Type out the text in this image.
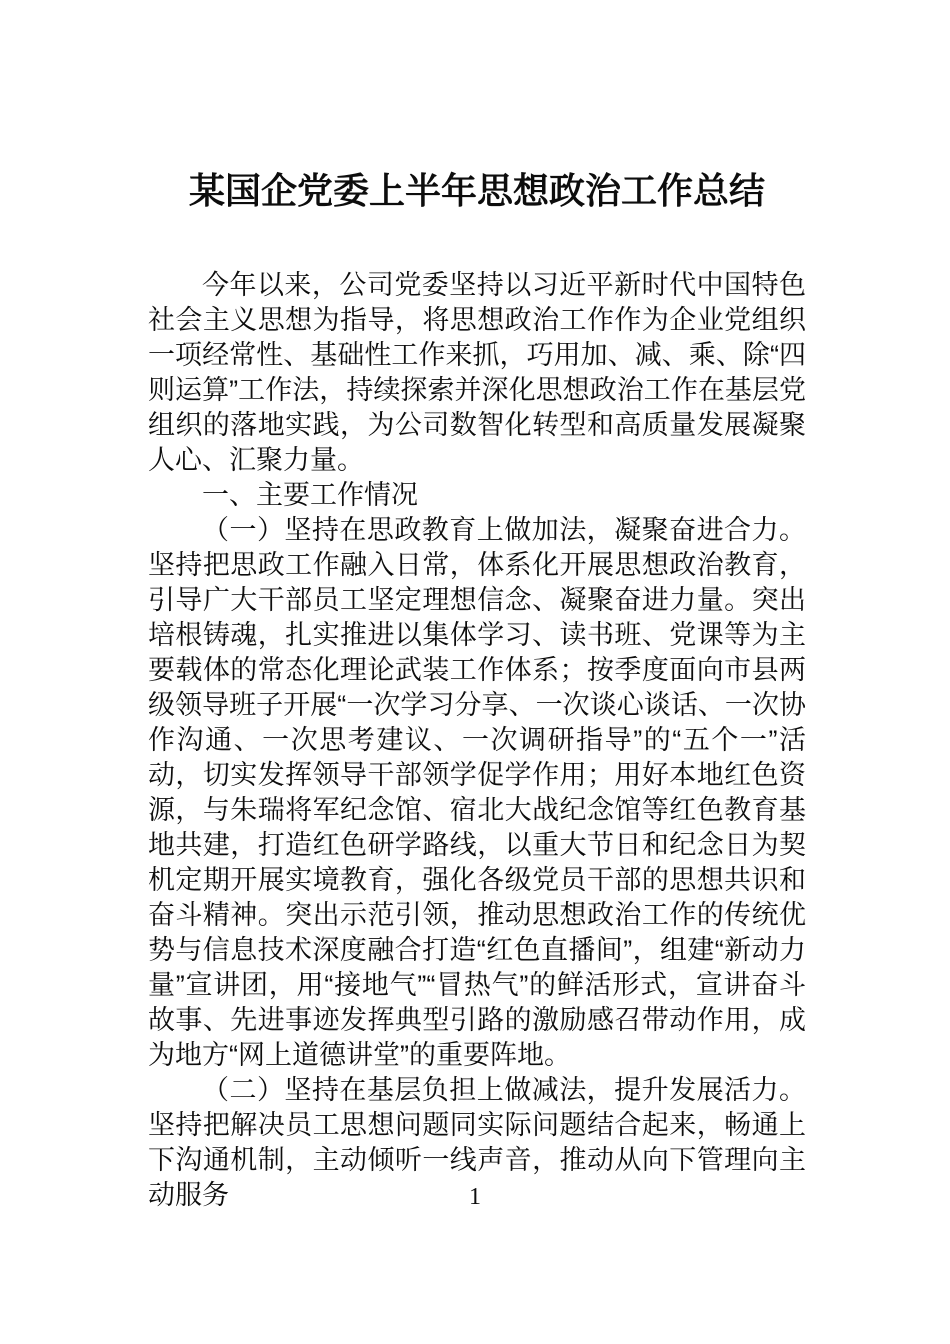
某国企党委上半年思想政治工作总结

今年以来，公司党委坚持以习近平新时代中国特色社会主义思想为指导，将思想政治工作作为企业党组织一项经常性、基础性工作来抓，巧用加、减、乘、除“四则运算”工作法，持续探索并深化思想政治工作在基层党组织的落地实践，为公司数智化转型和高质量发展凝聚人心、汇聚力量。

一、主要工作情况

（一）坚持在思政教育上做加法，凝聚奋进合力。坚持把思政工作融入日常，体系化开展思想政治教育，引导广大干部员工坚定理想信念、凝聚奋进力量。突出培根铸魂，扎实推进以集体学习、读书班、党课等为主要载体的常态化理论武装工作体系；按季度面向市县两级领导班子开展“一次学习分享、一次谈心谈话、一次协作沟通、一次思考建议、一次调研指导”的“五个一”活动，切实发挥领导干部领学促学作用；用好本地红色资源，与朱瑞将军纪念馆、宿北大战纪念馆等红色教育基地共建，打造红色研学路线，以重大节日和纪念日为契机定期开展实境教育，强化各级党员干部的思想共识和奋斗精神。突出示范引领，推动思想政治工作的传统优势与信息技术深度融合打造“红色直播间”，组建“新动力量”宣讲团，用“接地气”“冒热气”的鲜活形式，宣讲奋斗故事、先进事迹发挥典型引路的激励感召带动作用，成为地方“网上道德讲堂”的重要阵地。

（二）坚持在基层负担上做减法，提升发展活力。坚持把解决员工思想问题同实际问题结合起来，畅通上下沟通机制，主动倾听一线声音，推动从向下管理向主动服务	1
